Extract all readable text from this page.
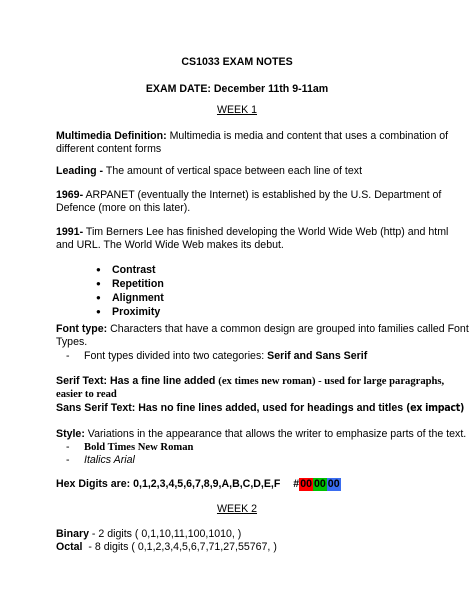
CS1033 EXAM NOTES
EXAM DATE: December 11th 9-11am
WEEK 1
Multimedia Definition: Multimedia is media and content that uses a combination of
different content forms
Leading - The amount of vertical space between each line of text
1969- ARPANET (eventually the Internet) is established by the U.S. Department of
Defence (more on this later).
1991- Tim Berners Lee has finished developing the World Wide Web (http) and html
and URL. The World Wide Web makes its debut.
● Contrast
● Repetition
● Alignment
● Proximity
Font type: Characters that have a common design are grouped into families called Font
Types.
- Font types divided into two categories: Serif and Sans Serif
Serif Text: Has a fine line added (ex times new roman) - used for large paragraphs,
easier to read
Sans Serif Text: Has no fine lines added, used for headings and titles (ex impact)
Style: Variations in the appearance that allows the writer to emphasize parts of the text.
- Bold Times New Roman
- Italics Arial
Hex Digits are: 0,1,2,3,4,5,6,7,8,9,A,B,C,D,E,F #00 00 00
WEEK 2
Binary - 2 digits ( 0,1,10,11,100,1010, )
Octal  - 8 digits ( 0,1,2,3,4,5,6,7,71,27,55767, )
